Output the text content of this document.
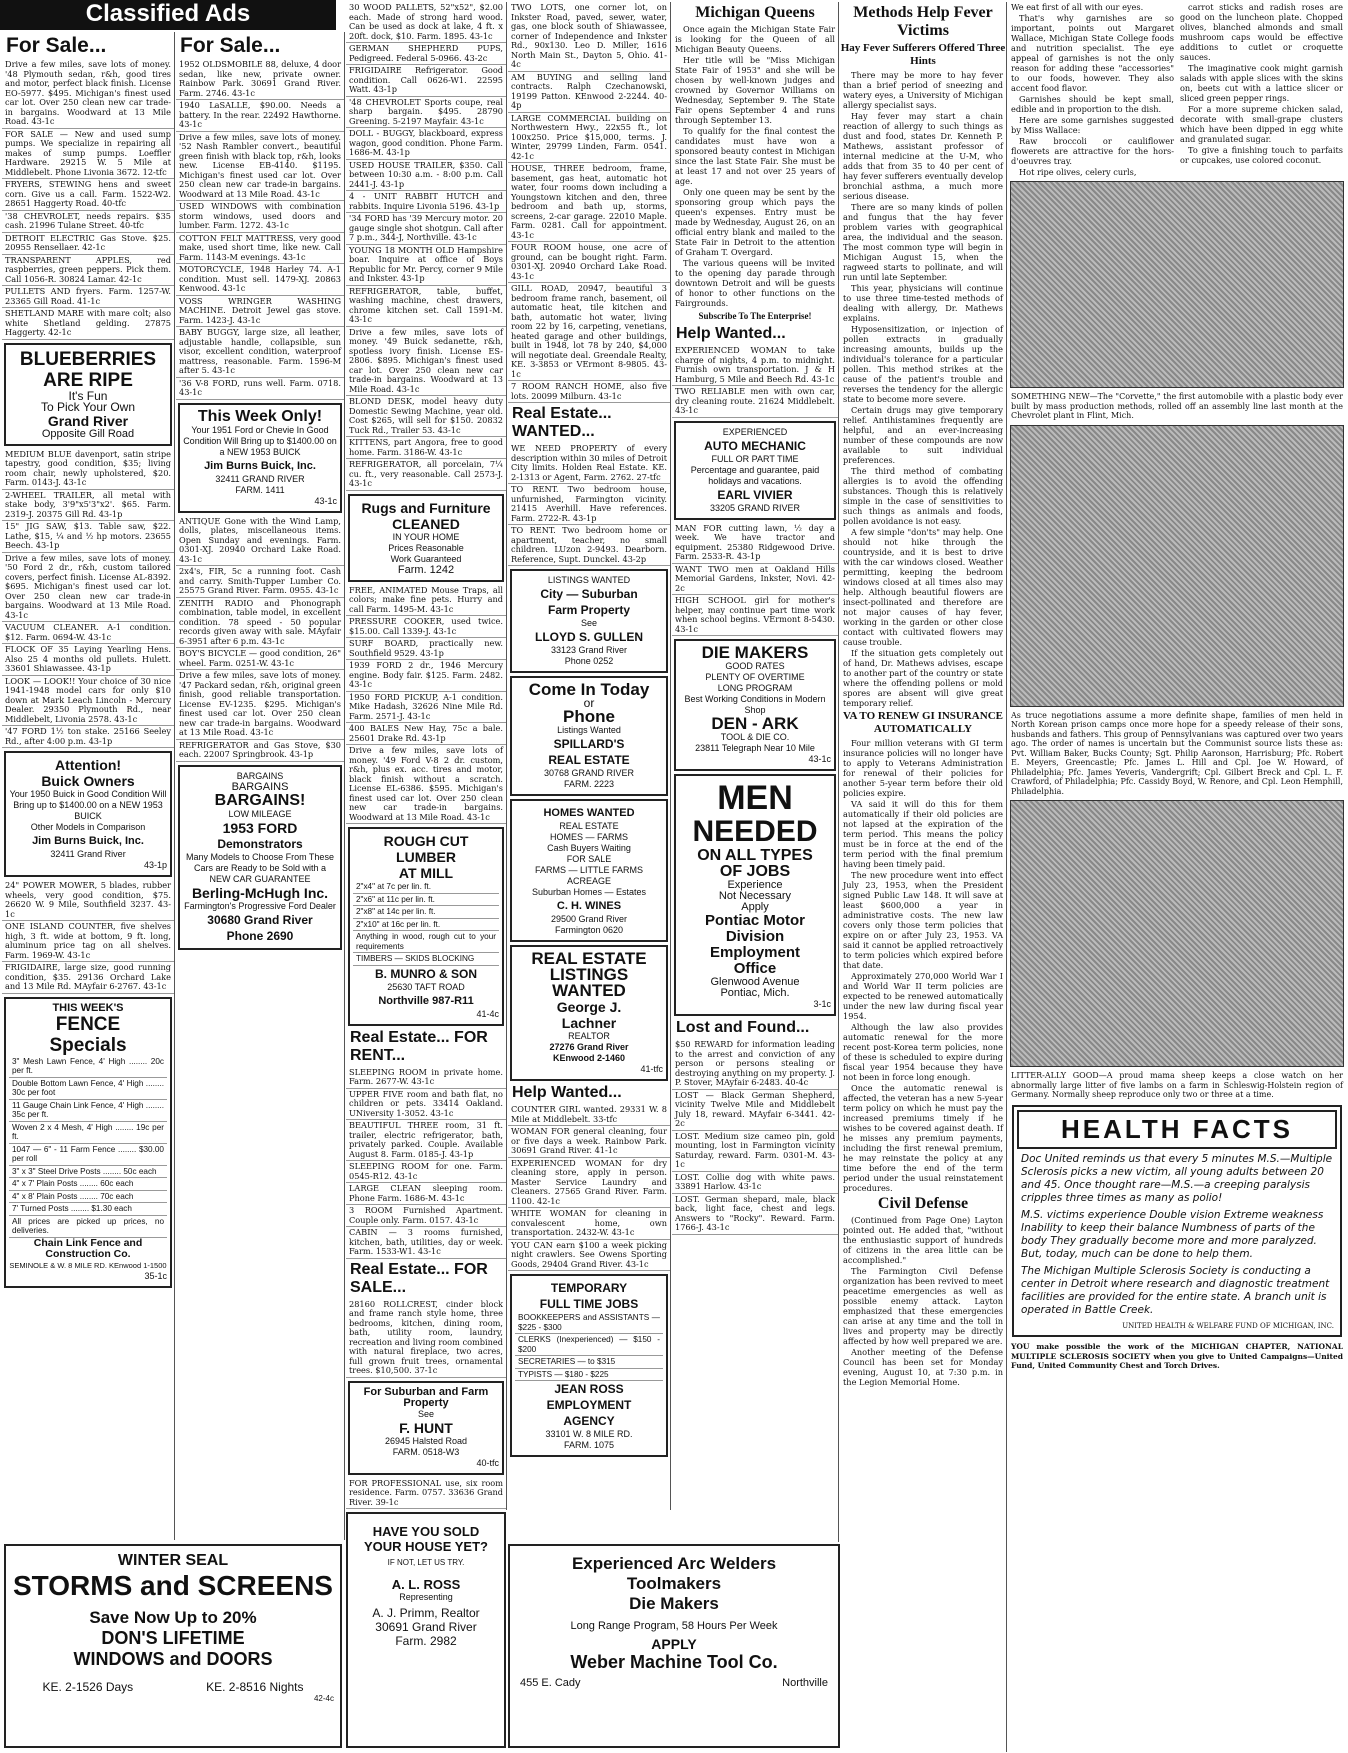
Classified Ads
For Sale...
Drive a few miles, save lots of money. '48 Plymouth sedan, r&h, good tires and motor, perfect black finish. License EO-5977. $495. Michigan's finest used car lot. Over 250 clean new car trade-in bargains. Woodward at 13 Mile Road. 43-1c
FOR SALE — New and used sump pumps. We specialize in repairing all makes of sump pumps. Loeffler Hardware. 29215 W. 5 Mile at Middlebelt. Phone Livonia 3672. 12-tfc
FRYERS, STEWING hens and sweet corn. Give us a call. Farm. 1522-W2. 28651 Haggerty Road. 40-tfc
'38 CHEVROLET, needs repairs. $35 cash. 21996 Tulane Street. 40-tfc
DETROIT ELECTRIC Gas Stove. $25. 20955 Rensellaer. 42-1c
TRANSPARENT APPLES, red raspberries, green peppers. Pick them. Call 1056-R. 30824 Lamar. 42-1c
PULLETS AND fryers. Farm. 1257-W. 23365 Gill Road. 41-1c
SHETLAND MARE with mare colt; also white Shetland gelding. 27875 Haggerty. 42-1c
BLUEBERRIES
ARE RIPE
It's Fun
To Pick Your Own
Grand River
Opposite Gill Road
MEDIUM BLUE davenport, satin stripe tapestry, good condition, $35; living room chair, newly upholstered, $20. Farm. 0143-J. 43-1c
2-WHEEL TRAILER, all metal with stake body, 3'9"x5'3"x2'. $65. Farm. 2319-J. 20375 Gill Rd. 43-1p
15" JIG SAW, $13. Table saw, $22. Lathe, $15, ¼ and ½ hp motors. 23655 Beech. 43-1p
Drive a few miles, save lots of money. '50 Ford 2 dr., r&h, custom tailored covers, perfect finish. License AL-8392. $695. Michigan's finest used car lot. Over 250 clean new car trade-in bargains. Woodward at 13 Mile Road. 43-1c
VACUUM CLEANER. A-1 condition. $12. Farm. 0694-W. 43-1c
FLOCK OF 35 Laying Yearling Hens. Also 25 4 months old pullets. Hulett. 33601 Shiawassee. 43-1p
LOOK — LOOK!! Your choice of 30 nice 1941-1948 model cars for only $10 down at Mark Leach Lincoln - Mercury Dealer. 29350 Plymouth Rd., near Middlebelt, Livonia 2578. 43-1c
'47 FORD 1½ ton stake. 25166 Seeley Rd., after 4:00 p.m. 43-1p
Attention!
Buick Owners
Your 1950 Buick in Good Condition Will Bring up to $1400.00 on a NEW 1953 BUICK
Other Models in Comparison
Jim Burns Buick, Inc.
32411 Grand River
43-1p
24" POWER MOWER, 5 blades, rubber wheels, very good condition, $75. 26620 W. 9 Mile, Southfield 3237. 43-1c
ONE ISLAND COUNTER, five shelves high, 3 ft. wide at bottom, 9 ft. long, aluminum price tag on all shelves. Farm. 1969-W. 43-1c
FRIGIDAIRE, large size, good running condition, $35. 29136 Orchard Lake and 13 Mile Rd. MAyfair 6-2767. 43-1c
THIS WEEK'S
FENCE
Specials
3" Mesh Lawn Fence, 4' High ........ 20c per ft.
Double Bottom Lawn Fence, 4' High ........ 30c per foot
11 Gauge Chain Link Fence, 4' High ........ 35c per ft.
Woven 2 x 4 Mesh, 4' High ........ 19c per ft.
1047 — 6" - 11 Farm Fence ........ $30.00 per roll
3" x 3" Steel Drive Posts ........ 50c each
4" x 7' Plain Posts ........ 60c each
4" x 8' Plain Posts ........ 70c each
7' Turned Posts ........ $1.30 each
All prices are picked up prices, no deliveries.
Chain Link Fence and Construction Co.
SEMINOLE & W. 8 MILE RD. KEnwood 1-1500
35-1c
For Sale...
1952 OLDSMOBILE 88, deluxe, 4 door sedan, like new, private owner. Rainbow Park. 30691 Grand River. Farm. 2746. 43-1c
1940 LaSALLE, $90.00. Needs a battery. In the rear. 22492 Hawthorne. 43-1c
Drive a few miles, save lots of money. '52 Nash Rambler convert., beautiful green finish with black top, r&h, looks new. License EB-4140. $1195. Michigan's finest used car lot. Over 250 clean new car trade-in bargains. Woodward at 13 Mile Road. 43-1c
USED WINDOWS with combination storm windows, used doors and lumber. Farm. 1272. 43-1c
COTTON FELT MATTRESS, very good make, used short time, like new. Call Farm. 1143-M evenings. 43-1c
MOTORCYCLE, 1948 Harley 74. A-1 condition. Must sell. 1479-XJ. 20863 Kenwood. 43-1c
VOSS WRINGER WASHING MACHINE. Detroit Jewel gas stove. Farm. 1423-J. 43-1c
BABY BUGGY, large size, all leather, adjustable handle, collapsible, sun visor, excellent condition, waterproof mattress, reasonable. Farm. 1596-M after 5. 43-1c
'36 V-8 FORD, runs well. Farm. 0718. 43-1c
This Week Only!
Your 1951 Ford or Chevie In Good Condition Will Bring up to $1400.00 on a NEW 1953 BUICK
Jim Burns Buick, Inc.
32411 GRAND RIVER
FARM. 1411
43-1c
ANTIQUE Gone with the Wind Lamp, dolls, plates, miscellaneous items. Open Sunday and evenings. Farm. 0301-XJ. 20940 Orchard Lake Road. 43-1c
2x4's, FIR, 5c a running foot. Cash and carry. Smith-Tupper Lumber Co. 25575 Grand River. Farm. 0955. 43-1c
ZENITH RADIO and Phonograph combination, table model, in excellent condition. 78 speed - 50 popular records given away with sale. MAyfair 6-3951 after 6 p.m. 43-1c
BOY'S BICYCLE — good condition, 26" wheel. Farm. 0251-W. 43-1c
Drive a few miles, save lots of money. '47 Packard sedan, r&h, original green finish, good reliable transportation. License EV-1235. $295. Michigan's finest used car lot. Over 250 clean new car trade-in bargains. Woodward at 13 Mile Road. 43-1c
REFRIGERATOR and Gas Stove, $30 each. 22007 Springbrook. 43-1p
BARGAINS
BARGAINS
BARGAINS!
LOW MILEAGE
1953 FORD
Demonstrators
Many Models to Choose From These Cars are Ready to be Sold with a
NEW CAR GUARANTEE
Berling-McHugh Inc.
Farmington's Progressive Ford Dealer
30680 Grand River
Phone 2690
30 WOOD PALLETS, 52"x52", $2.00 each. Made of strong hard wood. Can be used as dock at lake, 4 ft. x 20ft. dock, $10. Farm. 1895. 43-1c
GERMAN SHEPHERD PUPS, Pedigreed. Federal 5-0966. 43-2c
FRIGIDAIRE Refrigerator. Good condition. Call 0626-W1. 22595 Watt. 43-1p
'48 CHEVROLET Sports coupe, real sharp bargain. $495. 28790 Greening. 5-2197 Mayfair. 43-1c
DOLL - BUGGY, blackboard, express wagon, good condition. Phone Farm. 1686-M. 43-1p
USED HOUSE TRAILER, $350. Call between 10:30 a.m. - 8:00 p.m. Call 2441-J. 43-1p
4 - UNIT RABBIT HUTCH and rabbits. Inquire Livonia 5196. 43-1p
'34 FORD has '39 Mercury motor. 20 gauge single shot shotgun. Call after 7 p.m., 344-J, Northville. 43-1c
YOUNG 18 MONTH OLD Hampshire boar. Inquire at office of Boys Republic for Mr. Percy, corner 9 Mile and Inkster. 43-1p
REFRIGERATOR, table, buffet, washing machine, chest drawers, chrome kitchen set. Call 1591-M. 43-1c
Drive a few miles, save lots of money. '49 Buick sedanette, r&h, spotless ivory finish. License ES-2806. $895. Michigan's finest used car lot. Over 250 clean new car trade-in bargains. Woodward at 13 Mile Road. 43-1c
BLOND DESK, model heavy duty Domestic Sewing Machine, year old. Cost $265, will sell for $150. 20832 Tuck Rd., Trailer 53. 43-1c
KITTENS, part Angora, free to good home. Farm. 3186-W. 43-1c
REFRIGERATOR, all porcelain, 7¼ cu. ft., very reasonable. Call 2573-J. 43-1c
Rugs and Furniture
CLEANED
IN YOUR HOME
Prices Reasonable
Work Guaranteed
Farm. 1242
FREE, ANIMATED Mouse Traps, all colors; make fine pets. Hurry and call Farm. 1495-M. 43-1c
PRESSURE COOKER, used twice. $15.00. Call 1339-J. 43-1c
SURF BOARD, practically new. Southfield 9529. 43-1p
1939 FORD 2 dr., 1946 Mercury engine. Body fair. $125. Farm. 2482. 43-1c
1950 FORD PICKUP, A-1 condition. Mike Hadash, 32626 Nine Mile Rd. Farm. 2571-J. 43-1c
400 BALES New Hay, 75c a bale. 25601 Drake Rd. 43-1p
Drive a few miles, save lots of money. '49 Ford V-8 2 dr. custom, r&h, plus ex. acc. tires and motor, black finish without a scratch. License EL-6386. $595. Michigan's finest used car lot. Over 250 clean new car trade-in bargains. Woodward at 13 Mile Road. 43-1c
ROUGH CUT
LUMBER
AT MILL
2"x4" at 7c per lin. ft.
2"x6" at 11c per lin. ft.
2"x8" at 14c per lin. ft.
2"x10" at 16c per lin. ft.
Anything in wood, rough cut to your requirements
TIMBERS — SKIDS BLOCKING
B. MUNRO & SON
25630 TAFT ROAD
Northville 987-R11
41-4c
Real Estate... FOR RENT...
SLEEPING ROOM in private home. Farm. 2677-W. 43-1c
UPPER FIVE room and bath flat, no children or pets. 33414 Oakland. UNiversity 1-3052. 43-1c
BEAUTIFUL THREE room, 31 ft. trailer, electric refrigerator, bath, privately parked. Couple. Available August 8. Farm. 0185-J. 43-1p
SLEEPING ROOM for one. Farm. 0545-R12. 43-1c
LARGE CLEAN sleeping room. Phone Farm. 1686-M. 43-1c
3 ROOM Furnished Apartment. Couple only. Farm. 0157. 43-1c
CABIN — 3 rooms furnished, kitchen, bath, utilities, day or week. Farm. 1533-W1. 43-1c
Real Estate... FOR SALE...
28160 ROLLCREST, cinder block and frame ranch style home, three bedrooms, kitchen, dining room, bath, utility room, laundry, recreation and living room combined with natural fireplace, two acres, full grown fruit trees, ornamental trees. $10,500. 37-1c
For Suburban and Farm Property
See
F. HUNT
26945 Halsted Road
FARM. 0518-W3
40-tfc
FOR PROFESSIONAL use, six room residence. Farm. 0757. 33636 Grand River. 39-1c
TWO LOTS, one corner lot, on Inkster Road, paved, sewer, water, gas, one block south of Shiawassee, corner of Independence and Inkster Rd., 90x130. Leo D. Miller, 1616 North Main St., Dayton 5, Ohio. 41-4c
AM BUYING and selling land contracts. Ralph Czechanowski, 19199 Patton. KEnwood 2-2244. 40-4p
LARGE COMMERCIAL building on Northwestern Hwy., 22x55 ft., lot 100x250. Price $15,000, terms. J. Winter, 29799 Linden, Farm. 0541. 42-1c
HOUSE, THREE bedroom, frame, basement, gas heat, automatic hot water, four rooms down including a Youngstown kitchen and den, three bedroom and bath up, storms, screens, 2-car garage. 22010 Maple. Farm. 0281. Call for appointment. 43-1c
FOUR ROOM house, one acre of ground, can be bought right. Farm. 0301-XJ. 20940 Orchard Lake Road. 43-1c
GILL ROAD, 20947, beautiful 3 bedroom frame ranch, basement, oil automatic heat, tile kitchen and bath, automatic hot water, living room 22 by 16, carpeting, venetians, heated garage and other buildings, built in 1948, lot 78 by 240, $4,000 will negotiate deal. Greendale Realty, KE. 3-3853 or VErmont 8-9805. 43-1c
7 ROOM RANCH HOME, also five lots. 20099 Milburn. 43-1c
Real Estate... WANTED...
WE NEED PROPERTY of every description within 30 miles of Detroit City limits. Holden Real Estate. KE. 2-1313 or Agent, Farm. 2762. 27-tfc
TO RENT. Two bedroom house, unfurnished, Farmington vicinity. 21415 Averhill. Have references. Farm. 2722-R. 43-1p
TO RENT. Two bedroom home or apartment, teacher, no small children. LUzon 2-9493. Dearborn. Reference, Supt. Dunckel. 43-2p
LISTINGS WANTED
City — Suburban
Farm Property
See
LLOYD S. GULLEN
33123 Grand River
Phone 0252
Come In Today
or
Phone
Listings Wanted
SPILLARD'S
REAL ESTATE
30768 GRAND RIVER
FARM. 2223
HOMES WANTED
REAL ESTATE
HOMES — FARMS
Cash Buyers Waiting
FOR SALE
FARMS — LITTLE FARMS
ACREAGE
Suburban Homes — Estates
C. H. WINES
29500 Grand River
Farmington 0620
REAL ESTATE
LISTINGS
WANTED
George J.
Lachner
REALTOR
27276 Grand River
KEnwood 2-1460
41-tfc
Help Wanted...
COUNTER GIRL wanted. 29331 W. 8 Mile at Middlebelt. 33-tfc
WOMAN FOR general cleaning, four or five days a week. Rainbow Park. 30691 Grand River. 41-1c
EXPERIENCED WOMAN for dry cleaning store, apply in person. Master Service Laundry and Cleaners. 27565 Grand River. Farm. 1100. 42-1c
WHITE WOMAN for cleaning in convalescent home, own transportation. 2432-W. 43-1c
YOU CAN earn $100 a week picking night crawlers. See Owens Sporting Goods, 29404 Grand River. 43-1c
TEMPORARY
FULL TIME JOBS
BOOKKEEPERS and ASSISTANTS — $225 - $300
CLERKS (Inexperienced) — $150 - $200
SECRETARIES — to $315
TYPISTS — $180 - $225
JEAN ROSS
EMPLOYMENT
AGENCY
33101 W. 8 MILE RD.
FARM. 1075
Michigan Queens
Once again the Michigan State Fair is looking for the Queen of all Michigan Beauty Queens.
Her title will be "Miss Michigan State Fair of 1953" and she will be chosen by well-known judges and crowned by Governor Williams on Wednesday, September 9. The State Fair opens September 4 and runs through September 13.
To qualify for the final contest the candidates must have won a sponsored beauty contest in Michigan since the last State Fair. She must be at least 17 and not over 25 years of age.
Only one queen may be sent by the sponsoring group which pays the queen's expenses. Entry must be made by Wednesday, August 26, on an official entry blank and mailed to the State Fair in Detroit to the attention of Graham T. Overgard.
The various queens will be invited to the opening day parade through downtown Detroit and will be guests of honor to other functions on the Fairgrounds.
Subscribe To The Enterprise!
Help Wanted...
EXPERIENCED WOMAN to take charge of nights, 4 p.m. to midnight. Furnish own transportation. J & H Hamburg, 5 Mile and Beech Rd. 43-1c
TWO RELIABLE men with own car, dry cleaning route. 21624 Middlebelt. 43-1c
EXPERIENCED
AUTO MECHANIC
FULL OR PART TIME
Percentage and guarantee, paid holidays and vacations.
EARL VIVIER
33205 GRAND RIVER
MAN FOR cutting lawn, ½ day a week. We have tractor and equipment. 25380 Ridgewood Drive. Farm. 2533-R. 43-1p
WANT TWO men at Oakland Hills Memorial Gardens, Inkster, Novi. 42-2c
HIGH SCHOOL girl for mother's helper, may continue part time work when school begins. VErmont 8-5430. 43-1c
DIE MAKERS
GOOD RATES
PLENTY OF OVERTIME
LONG PROGRAM
Best Working Conditions in Modern Shop
DEN - ARK
TOOL & DIE CO.
23811 Telegraph Near 10 Mile
43-1c
MEN
NEEDED
ON ALL TYPES
OF JOBS
Experience
Not Necessary
Apply
Pontiac Motor
Division
Employment
Office
Glenwood Avenue
Pontiac, Mich.
3-1c
Lost and Found...
$50 REWARD for information leading to the arrest and conviction of any person or persons stealing or destroying anything on my property. J. P. Stover, MAyfair 6-2483. 40-4c
LOST — Black German Shepherd, vicinity Twelve Mile and Middlebelt July 18, reward. MAyfair 6-3441. 42-2c
LOST. Medium size cameo pin, gold mounting, lost in Farmington vicinity Saturday, reward. Farm. 0301-M. 43-1c
LOST. Collie dog with white paws. 33891 Harlow. 43-1c
LOST. German shepard, male, black back, light face, chest and legs. Answers to "Rocky". Reward. Farm. 1766-J. 43-1c
Methods Help Fever Victims
Hay Fever Sufferers Offered Three Hints
There may be more to hay fever than a brief period of sneezing and watery eyes, a University of Michigan allergy specialist says.
Hay fever may start a chain reaction of allergy to such things as dust and food, states Dr. Kenneth P. Mathews, assistant professor of internal medicine at the U-M, who adds that from 35 to 40 per cent of hay fever sufferers eventually develop bronchial asthma, a much more serious disease.
There are so many kinds of pollen and fungus that the hay fever problem varies with geographical area, the individual and the season. The most common type will begin in Michigan August 15, when the ragweed starts to pollinate, and will run until late September.
This year, physicians will continue to use three time-tested methods of dealing with allergy, Dr. Mathews explains.
Hyposensitization, or injection of pollen extracts in gradually increasing amounts, builds up the individual's tolerance for a particular pollen. This method strikes at the cause of the patient's trouble and reverses the tendency for the allergic state to become more severe.
Certain drugs may give temporary relief. Antihistamines frequently are helpful, and an ever-increasing number of these compounds are now available to suit individual preferences.
The third method of combating allergies is to avoid the offending substances. Though this is relatively simple in the case of sensitivities to such things as animals and foods, pollen avoidance is not easy.
A few simple "don'ts" may help. One should not hike through the countryside, and it is best to drive with the car windows closed. Weather permitting, keeping the bedroom windows closed at all times also may help. Although beautiful flowers are insect-pollinated and therefore are not major causes of hay fever, working in the garden or other close contact with cultivated flowers may cause trouble.
If the situation gets completely out of hand, Dr. Mathews advises, escape to another part of the country or state where the offending pollens or mold spores are absent will give great temporary relief.
VA TO RENEW GI INSURANCE AUTOMATICALLY
Four million veterans with GI term insurance policies will no longer have to apply to Veterans Administration for renewal of their policies for another 5-year term before their old policies expire.
VA said it will do this for them automatically if their old policies are not lapsed at the expiration of the term period. This means the policy must be in force at the end of the term period with the final premium having been timely paid.
The new procedure went into effect July 23, 1953, when the President signed Public Law 148. It will save at least $600,000 a year in administrative costs. The new law covers only those term policies that expire on or after July 23, 1953. VA said it cannot be applied retroactively to term policies which expired before that date.
Approximately 270,000 World War I and World War II term policies are expected to be renewed automatically under the new law during fiscal year 1954.
Although the law also provides automatic renewal for the more recent post-Korea term policies, none of these is scheduled to expire during fiscal year 1954 because they have not been in force long enough.
Once the automatic renewal is affected, the veteran has a new 5-year term policy on which he must pay the increased premiums timely if he wishes to be covered against death. If he misses any premium payments, including the first renewal premium, he may reinstate the policy at any time before the end of the term period under the usual reinstatement procedures.
Civil Defense
(Continued from Page One) Layton pointed out. He added that, "without the enthusiastic support of hundreds of citizens in the area little can be accomplished."
The Farmington Civil Defense organization has been revived to meet peacetime emergencies as well as possible enemy attack. Layton emphasized that these emergencies can arise at any time and the toll in lives and property may be directly affected by how well prepared we are.
Another meeting of the Defense Council has been set for Monday evening, August 10, at 7:30 p.m. in the Legion Memorial Home.
We eat first of all with our eyes.
That's why garnishes are so important, points out Margaret Wallace, Michigan State College foods and nutrition specialist. The eye appeal of garnishes is not the only reason for adding these "accessories" to our foods, however. They also accent food flavor.
Garnishes should be kept small, edible and in proportion to the dish.
Here are some garnishes suggested by Miss Wallace:
Raw broccoli or cauliflower flowerets are attractive for the hors-d'oeuvres tray.
Hot ripe olives, celery curls,
carrot sticks and radish roses are good on the luncheon plate. Chopped olives, blanched almonds and small mushroom caps would be effective additions to cutlet or croquette sauces.
The imaginative cook might garnish salads with apple slices with the skins on, beets cut with a lattice slicer or sliced green pepper rings.
For a more supreme chicken salad, decorate with small-grape clusters which have been dipped in egg white and granulated sugar.
To give a finishing touch to parfaits or cupcakes, use colored coconut.
SOMETHING NEW—The "Corvette," the first automobile with a plastic body ever built by mass production methods, rolled off an assembly line last month at the Chevrolet plant in Flint, Mich.
As truce negotiations assume a more definite shape, families of men held in North Korean prison camps once more hope for a speedy release of their sons, husbands and fathers. This group of Pennsylvanians was captured over two years ago. The order of names is uncertain but the Communist source lists these as: Pvt. William Baker, Bucks County; Sgt. Philip Aaronson, Harrisburg; Pfc. Robert E. Meyers, Greencastle; Pfc. James L. Hill and Cpl. Joe W. Howard, of Philadelphia; Pfc. James Yeveris, Vandergrift; Cpl. Gilbert Breck and Cpl. L. F. Crawford, of Philadelphia; Pfc. Cassidy Boyd, W. Renore, and Cpl. Leon Hemphill, Philadelphia.
LITTER-ALLY GOOD—A proud mama sheep keeps a close watch on her abnormally large litter of five lambs on a farm in Schleswig-Holstein region of Germany. Normally sheep reproduce only two or three at a time.
HEALTH FACTS
Doc United reminds us that every 5 minutes M.S.—Multiple Sclerosis picks a new victim, all young adults between 20 and 45. Once thought rare—M.S.—a creeping paralysis cripples three times as many as polio!
M.S. victims experience Double vision Extreme weakness Inability to keep their balance Numbness of parts of the body They gradually become more and more paralyzed. But, today, much can be done to help them.
The Michigan Multiple Sclerosis Society is conducting a center in Detroit where research and diagnostic treatment facilities are provided for the entire state. A branch unit is operated in Battle Creek.
UNITED HEALTH & WELFARE FUND OF MICHIGAN, INC.
YOU make possible the work of the MICHIGAN CHAPTER, NATIONAL MULTIPLE SCLEROSIS SOCIETY when you give to United Campaigns—United Fund, United Community Chest and Torch Drives.
WINTER SEAL
STORMS and SCREENS
Save Now Up to 20%
DON'S LIFETIME
WINDOWS and DOORS
KE. 2-1526 Days	KE. 2-8516 Nights
42-4c
HAVE YOU SOLD
YOUR HOUSE YET?
IF NOT, LET US TRY.
A. L. ROSS
Representing
A. J. Primm, Realtor
30691 Grand River
Farm. 2982
Experienced Arc Welders
Toolmakers
Die Makers
Long Range Program, 58 Hours Per Week
APPLY
Weber Machine Tool Co.
455 E. Cady	Northville
